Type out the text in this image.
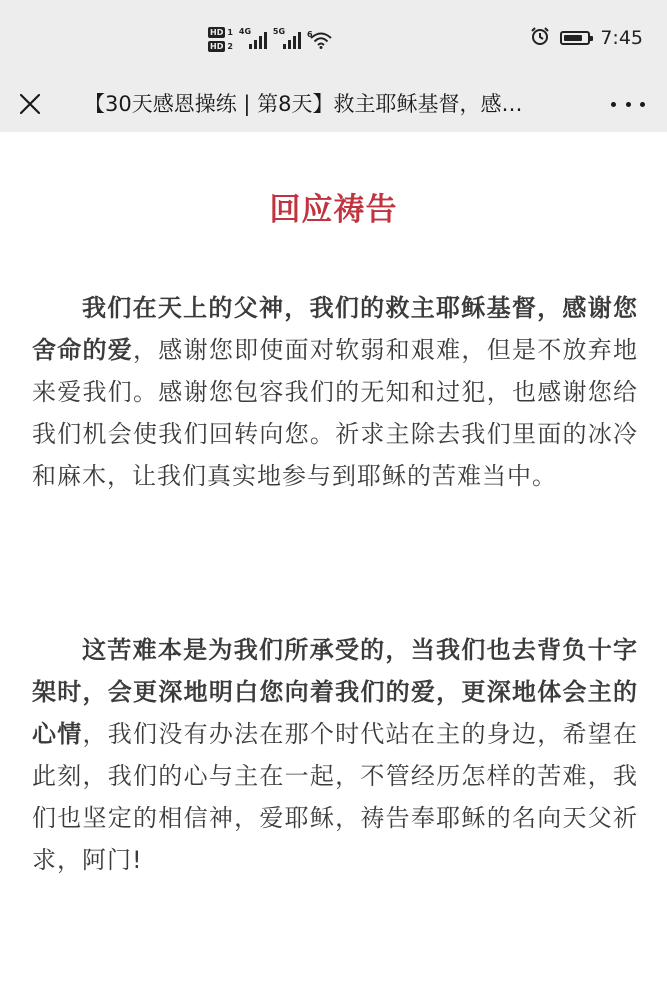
HD 1
HD 2
4G	5G	6	7:45
【30天感恩操练 | 第8天】救主耶稣基督，感…
回应祷告

我们在天上的父神，我们的救主耶稣基督，感谢您舍命的爱，感谢您即使面对软弱和艰难，但是不放弃地来爱我们。感谢您包容我们的无知和过犯，也感谢您给我们机会使我们回转向您。祈求主除去我们里面的冰冷和麻木，让我们真实地参与到耶稣的苦难当中。

这苦难本是为我们所承受的，当我们也去背负十字架时，会更深地明白您向着我们的爱，更深地体会主的心情，我们没有办法在那个时代站在主的身边，希望在此刻，我们的心与主在一起，不管经历怎样的苦难，我们也坚定的相信神，爱耶稣，祷告奉耶稣的名向天父祈求，阿门!
